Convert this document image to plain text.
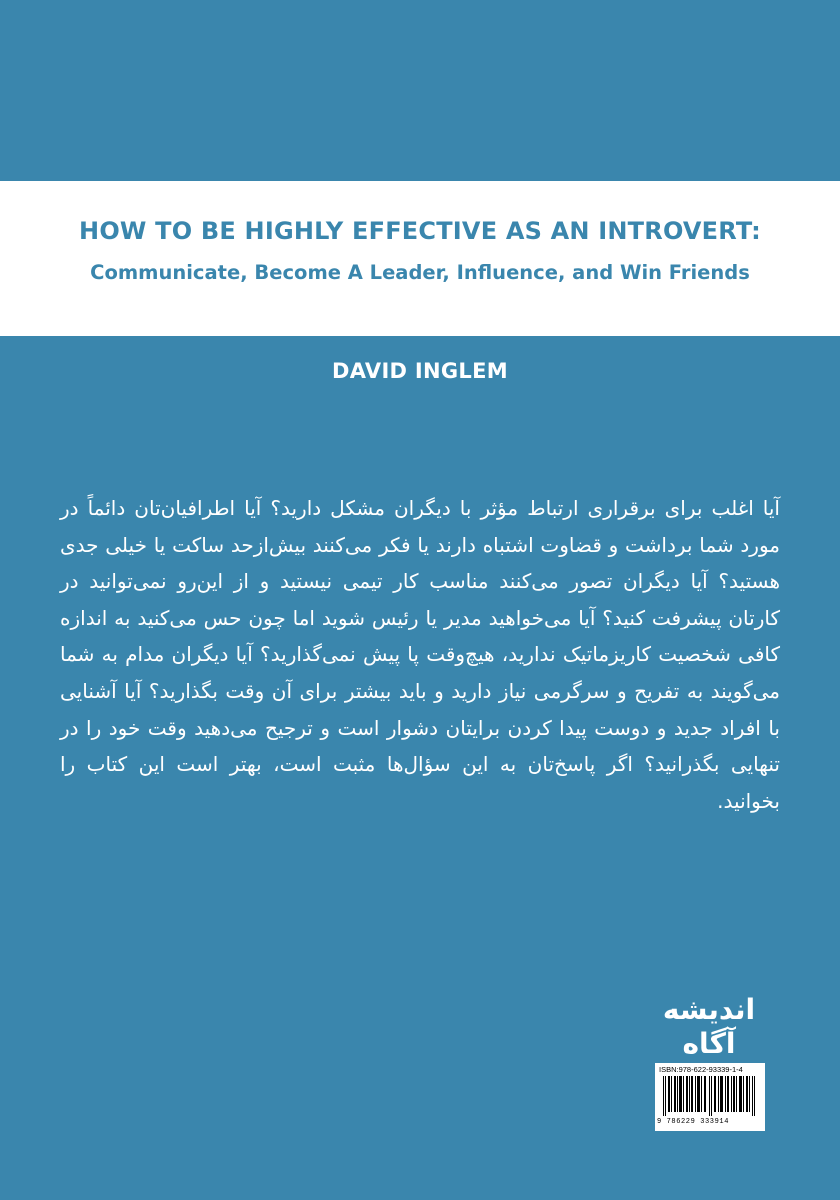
HOW TO BE HIGHLY EFFECTIVE AS AN INTROVERT:
Communicate, Become A Leader, Influence, and Win Friends
DAVID INGLEM
آیا اغلب برای برقراری ارتباط مؤثر با دیگران مشکل دارید؟ آیا اطرافیان‌تان دائماً در مورد شما برداشت و قضاوت اشتباه دارند یا فکر می‌کنند بیش‌ازحد ساکت یا خیلی جدی هستید؟ آیا دیگران تصور می‌کنند مناسب کار تیمی نیستید و از این‌رو نمی‌توانید در کارتان پیشرفت کنید؟ آیا می‌خواهید مدیر یا رئیس شوید اما چون حس می‌کنید به اندازه کافی شخصیت کاریزماتیک ندارید، هیچ‌وقت پا پیش نمی‌گذارید؟ آیا دیگران مدام به شما می‌گویند به تفریح و سرگرمی نیاز دارید و باید بیشتر برای آن وقت بگذارید؟ آیا آشنایی با افراد جدید و دوست پیدا کردن برایتان دشوار است و ترجیح می‌دهید وقت خود را در تنهایی بگذرانید؟ اگر پاسخ‌تان به این سؤال‌ها مثبت است، بهتر است این کتاب را بخوانید.
اندیشه
آگاه
ISBN:978-622-93339-1-4
9 786229 333914
